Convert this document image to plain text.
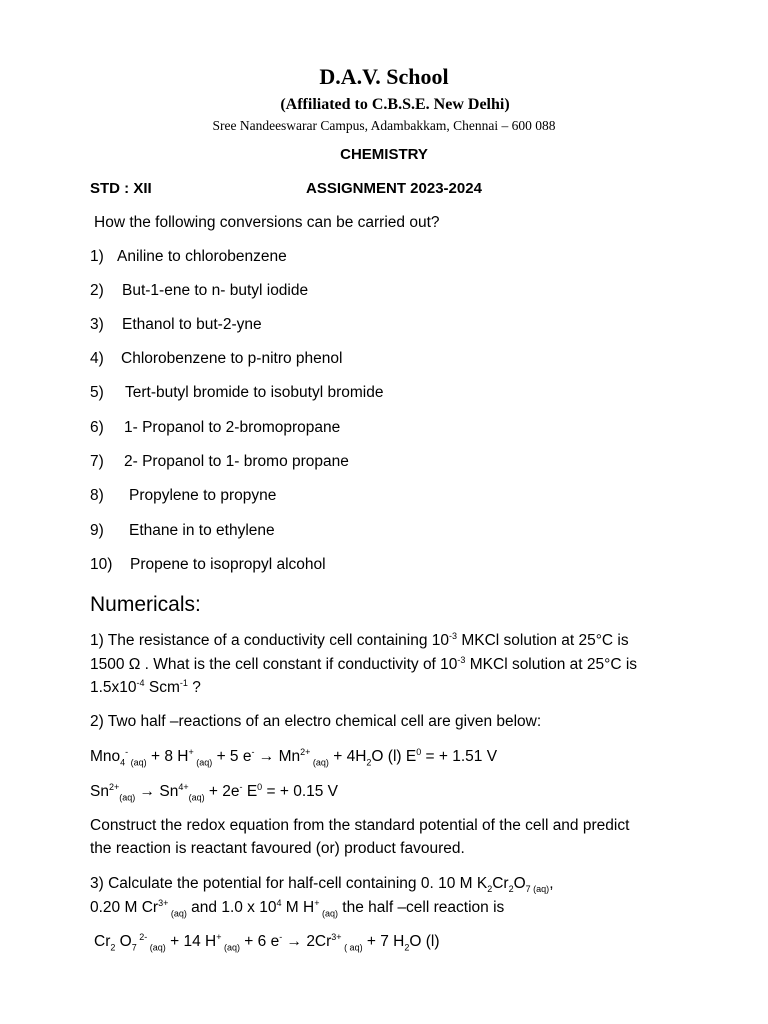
D.A.V. School
(Affiliated to C.B.S.E. New Delhi)
Sree Nandeeswarar Campus, Adambakkam, Chennai – 600 088
CHEMISTRY
STD : XII	ASSIGNMENT 2023-2024
How the following conversions can be carried out?
1) Aniline to chlorobenzene
2) But-1-ene to n- butyl iodide
3) Ethanol to but-2-yne
4) Chlorobenzene to p-nitro phenol
5) Tert-butyl bromide to isobutyl bromide
6) 1- Propanol to 2-bromopropane
7) 2- Propanol to 1- bromo propane
8) Propylene to propyne
9) Ethane in to ethylene
10) Propene to isopropyl alcohol
Numericals:
1) The resistance of a conductivity cell containing $10^{-3}$ MKCl solution at 25°C is
1500 Ω . What is the cell constant if conductivity of $10^{-3}$ MKCl solution at 25°C is
$1.5x10^{-4}$ Scm$^{-1}$ ?
2) Two half –reactions of an electro chemical cell are given below:
Mno$_4$- $_{(aq)}$ + 8 H+ $_{(aq)}$ + 5 $e^- \to Mn^{2+}$ $_{(aq)} + 4H_2O$ (l) $E^0$ = + 1.51 V
$Sn^{2+}_{(aq)} \to Sn^{4+}_{(aq)} + 2e^-$ $E^0$ = + 0.15 V
Construct the redox equation from the standard potential of the cell and predict
the reaction is reactant favoured (or) product favoured.
3) Calculate the potential for half-cell containing 0. 10 M $K_2Cr_2O_7$ $_{(aq)}$,
0.20 M $Cr^{3+}$ $_{(aq)}$ and 1.0 x $10^4$ M H+ $_{(aq)}$ the half –cell reaction is
$Cr_2$ $O_7$ $^{2-}$ $_{(aq)}$ + 14 H+ $_{(aq)}$ + 6 $e^- \to 2Cr^{3+}$ $_{( aq)}$ + 7 $H_2O$ (l)
